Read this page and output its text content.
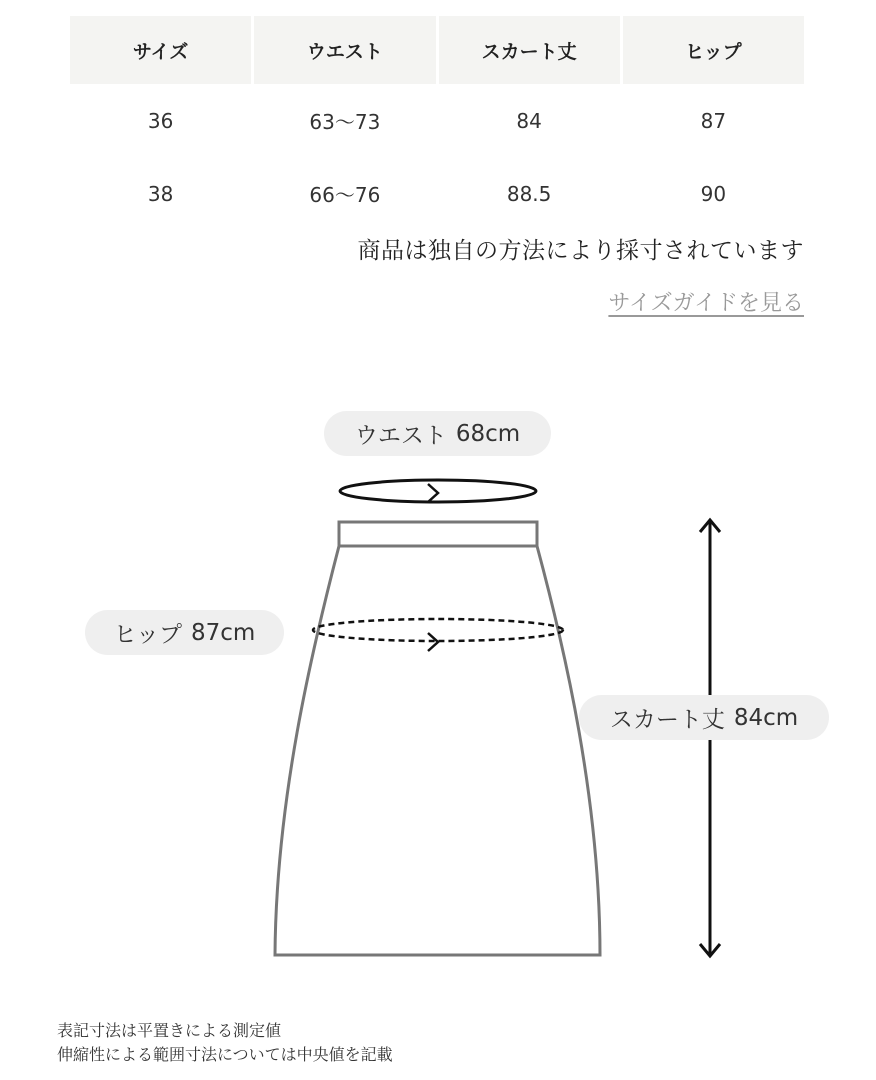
サイズ	ウエスト	スカート丈	ヒップ
36	63〜73	84	87
38	66〜76	88.5	90
商品は独自の方法により採寸されています
サイズガイドを見る
ウエスト 68cm
ヒップ 87cm
スカート丈 84cm
表記寸法は平置きによる測定値
伸縮性による範囲寸法については中央値を記載
